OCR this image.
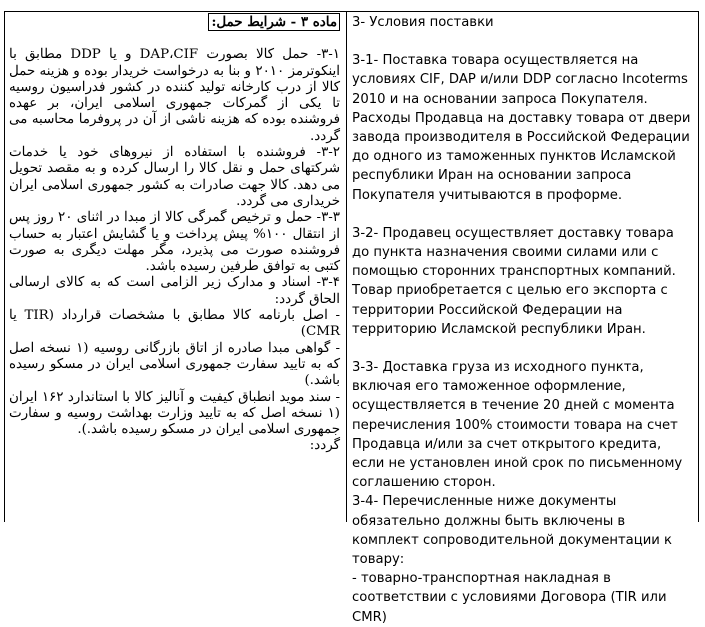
ماده ۳ - شرایط حمل:

۳-۱- حمل کالا بصورت DAP،CIF و یا DDP مطابق با اینکوترمز ۲۰۱۰ و بنا به درخواست خریدار بوده و هزینه حمل کالا از درب کارخانه تولید کننده در کشور فدراسیون روسیه تا یکی از گمرکات جمهوری اسلامی ایران، بر عهده فروشنده بوده که هزینه ناشی از آن در پروفرما محاسبه می گردد.

۳-۲- فروشنده با استفاده از نیروهای خود یا خدمات شرکتهای حمل و نقل کالا را ارسال کرده و به مقصد تحویل می دهد. کالا جهت صادرات به کشور جمهوری اسلامی ایران خریداری می گردد.

۳-۳- حمل و ترخیص گمرگی کالا از مبدا در اثنای ۲۰ روز پس از انتقال ۱۰۰% پیش پرداخت و یا گشایش اعتبار به حساب فروشنده صورت می پذیرد، مگر مهلت دیگری به صورت کتبی به توافق طرفین رسیده باشد.

۳-۴- اسناد و مدارک زیر الزامی است که به کالای ارسالی الحاق گردد:

- اصل بارنامه کالا مطابق با مشخصات قرارداد (TIR یا CMR)

- گواهی مبدا صادره از اتاق بازرگانی روسیه (۱ نسخه اصل که به تایید سفارت جمهوری اسلامی ایران در مسکو رسیده باشد.)

- سند موید انطباق کیفیت و آنالیز کالا با استاندارد ۱۶۲ ایران (۱ نسخه اصل که به تایید وزارت بهداشت روسیه و سفارت جمهوری اسلامی ایران در مسکو رسیده باشد.).

گردد:

3- Условия поставки

3-1- Поставка товара осуществляется на условиях CIF, DAP и/или DDP согласно Incoterms 2010 и на основании запроса Покупателя. Расходы Продавца на доставку товара от двери завода производителя в Российской Федерации до одного из таможенных пунктов Исламской республики Иран на основании запроса Покупателя учитываются в проформе.

3-2- Продавец осуществляет доставку товара до пункта назначения своими силами или с помощью сторонних транспортных компаний. Товар приобретается с целью его экспорта с территории Российской Федерации на территорию Исламской республики Иран.

3-3- Доставка груза из исходного пункта, включая его таможенное оформление, осуществляется в течение 20 дней с момента перечисления 100% стоимости товара на счет Продавца и/или за счет открытого кредита, если не установлен иной срок по письменному соглашению сторон.

3-4- Перечисленные ниже документы обязательно должны быть включены в комплект сопроводительной документации к товару:

- товарно-транспортная накладная в соответствии с условиями Договора (TIR или CMR)
